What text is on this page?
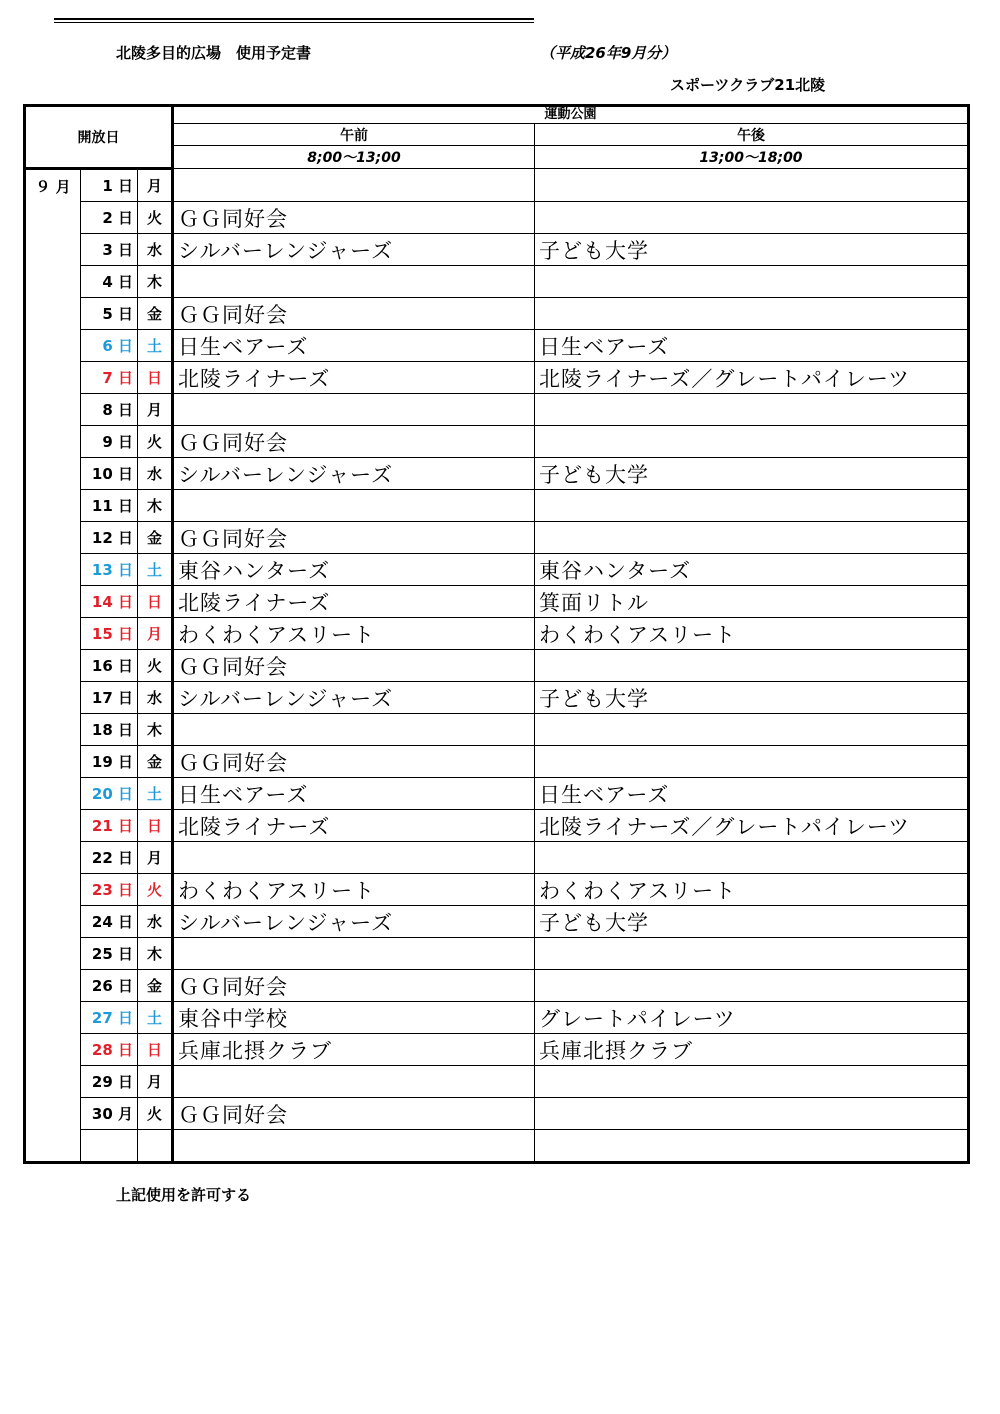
北陵多目的広場　使用予定書	（平成26年9月分）
スポーツクラブ21北陵
開放日			運動公園	
			午前	午後
			8;00～13;00	13;00～18;00
９ 月	1 日	月		
	2 日	火	ＧＧ同好会	
	3 日	水	シルバーレンジャーズ	子ども大学
	4 日	木		
	5 日	金	ＧＧ同好会	
	6 日	土	日生ベアーズ	日生ベアーズ
	7 日	日	北陵ライナーズ	北陵ライナーズ／グレートパイレーツ
	8 日	月		
	9 日	火	ＧＧ同好会	
	10 日	水	シルバーレンジャーズ	子ども大学
	11 日	木		
	12 日	金	ＧＧ同好会	
	13 日	土	東谷ハンターズ	東谷ハンターズ
	14 日	日	北陵ライナーズ	箕面リトル
	15 日	月	わくわくアスリート	わくわくアスリート
	16 日	火	ＧＧ同好会	
	17 日	水	シルバーレンジャーズ	子ども大学
	18 日	木		
	19 日	金	ＧＧ同好会	
	20 日	土	日生ベアーズ	日生ベアーズ
	21 日	日	北陵ライナーズ	北陵ライナーズ／グレートパイレーツ
	22 日	月		
	23 日	火	わくわくアスリート	わくわくアスリート
	24 日	水	シルバーレンジャーズ	子ども大学
	25 日	木		
	26 日	金	ＧＧ同好会	
	27 日	土	東谷中学校	グレートパイレーツ
	28 日	日	兵庫北摂クラブ	兵庫北摂クラブ
	29 日	月		
	30 月	火	ＧＧ同好会	

上記使用を許可する
